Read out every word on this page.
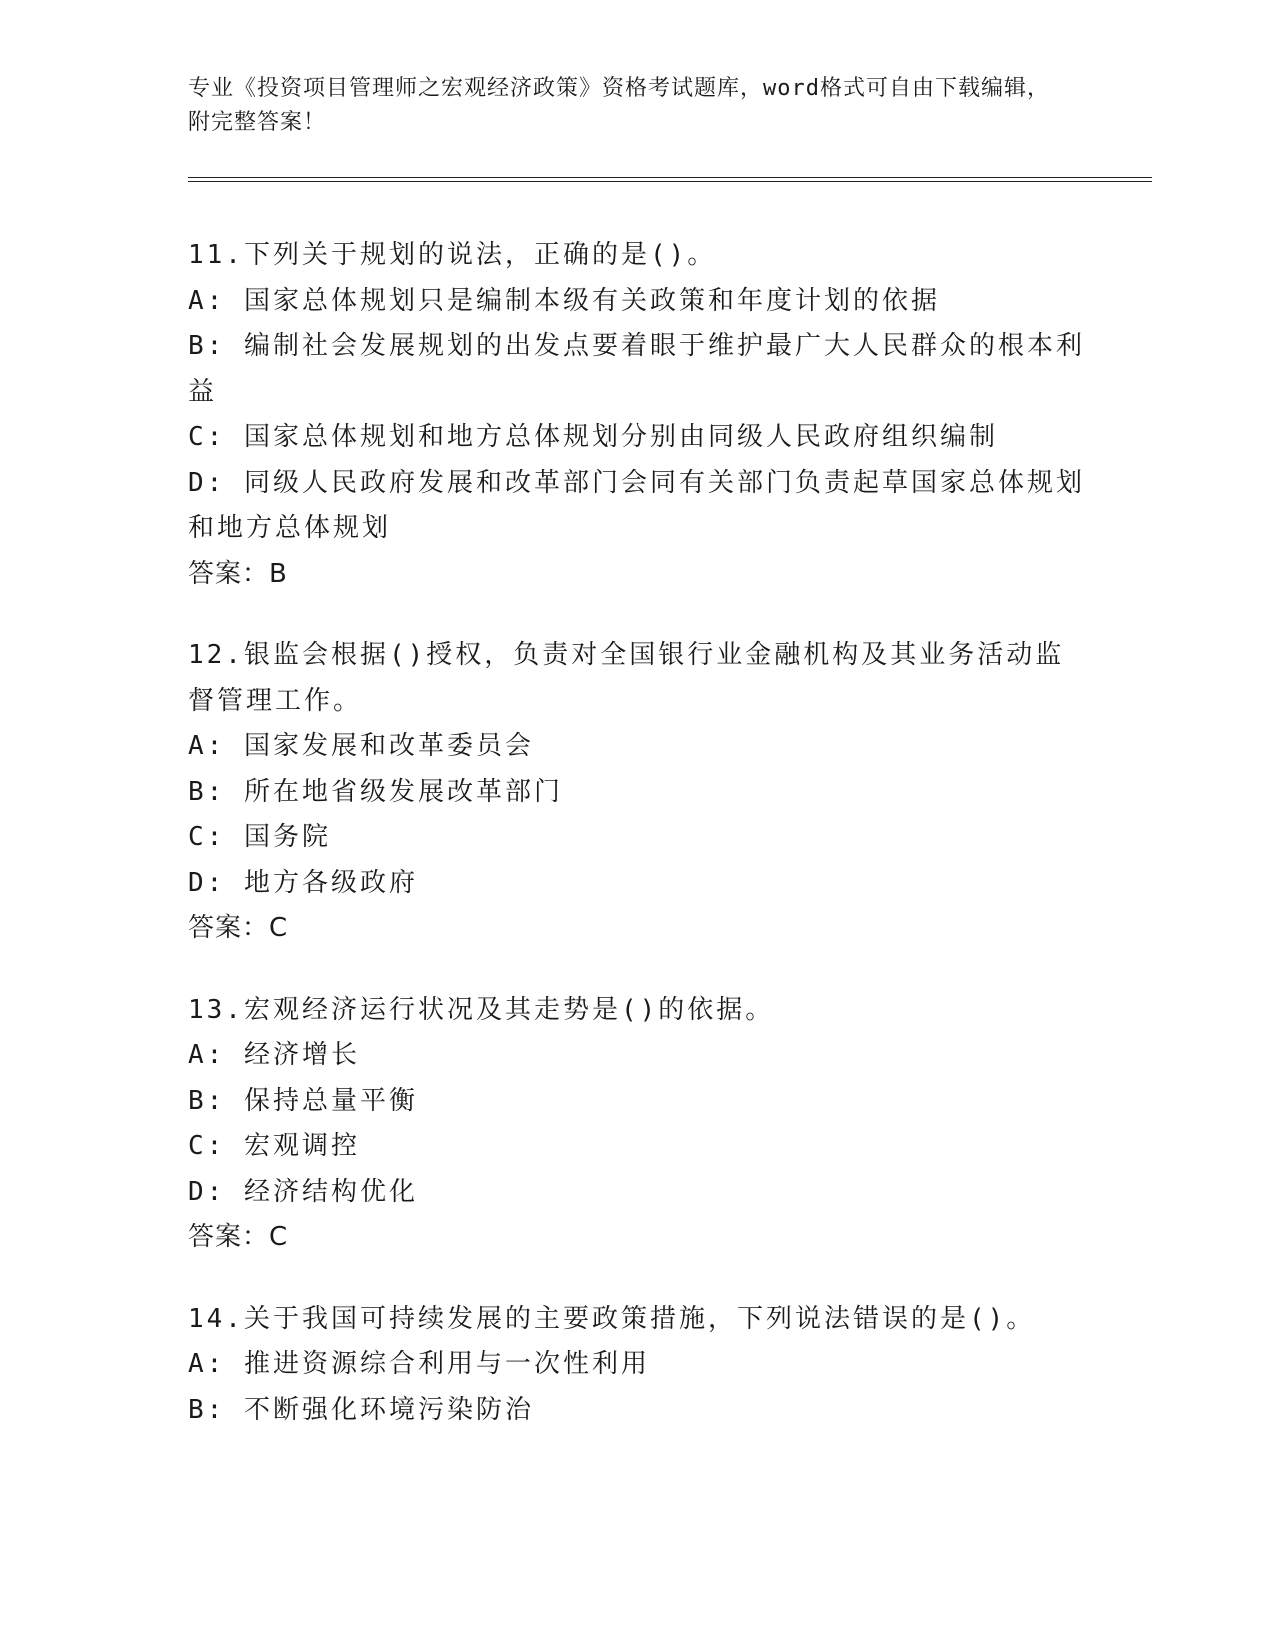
专业《投资项目管理师之宏观经济政策》资格考试题库，word格式可自由下载编辑，附完整答案！
11.下列关于规划的说法，正确的是()。
A: 国家总体规划只是编制本级有关政策和年度计划的依据
B: 编制社会发展规划的出发点要着眼于维护最广大人民群众的根本利益
C: 国家总体规划和地方总体规划分别由同级人民政府组织编制
D: 同级人民政府发展和改革部门会同有关部门负责起草国家总体规划和地方总体规划
答案：B
12.银监会根据()授权，负责对全国银行业金融机构及其业务活动监督管理工作。
A: 国家发展和改革委员会
B: 所在地省级发展改革部门
C: 国务院
D: 地方各级政府
答案：C
13.宏观经济运行状况及其走势是()的依据。
A: 经济增长
B: 保持总量平衡
C: 宏观调控
D: 经济结构优化
答案：C
14.关于我国可持续发展的主要政策措施，下列说法错误的是()。
A: 推进资源综合利用与一次性利用
B: 不断强化环境污染防治
